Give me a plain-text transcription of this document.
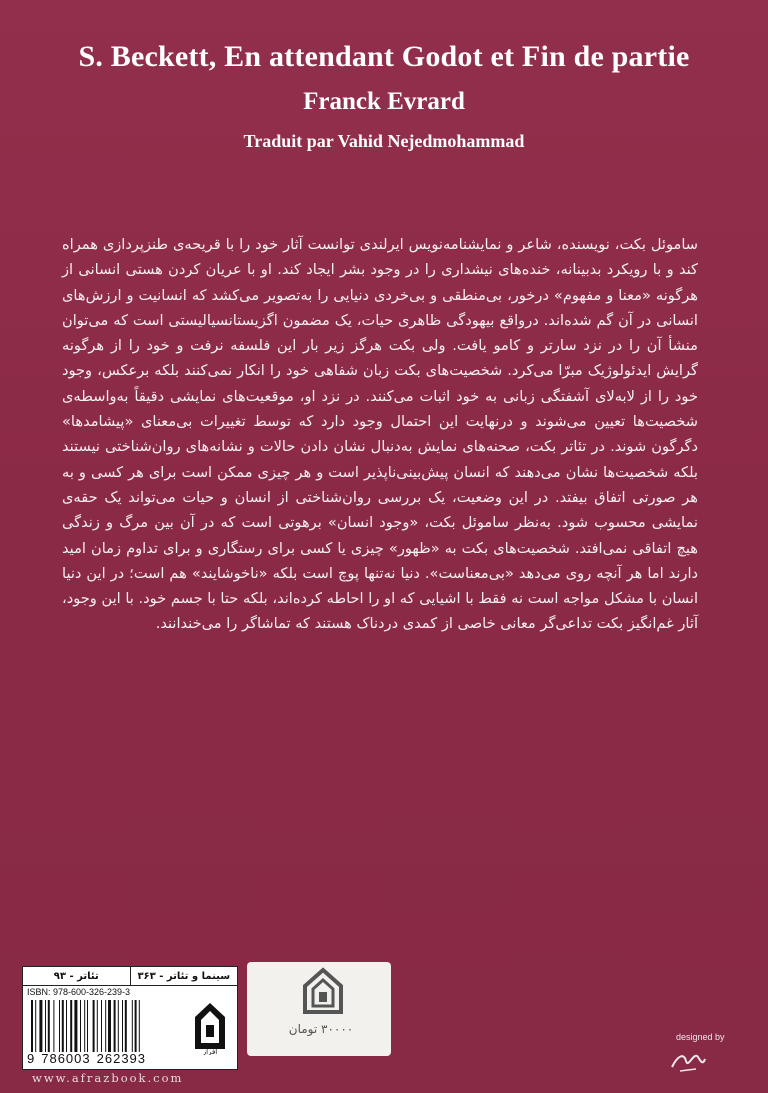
S. Beckett, En attendant Godot et Fin de partie
Franck Evrard
Traduit par Vahid Nejedmohammad
ساموئل بکت، نویسنده، شاعر و نمایشنامه‌نویس ایرلندی توانست آثار خود را با قریحه‌ی طنزپردازی همراه کند و با رویکرد بدبینانه، خنده‌های نیشداری را در وجود بشر ایجاد کند. او با عریان کردن هستی انسانی از هرگونه «معنا و مفهوم» درخور، بی‌منطقی و بی‌خردی دنیایی را به‌تصویر می‌کشد که انسانیت و ارزش‌های انسانی در آن گم شده‌اند. درواقع بیهودگی ظاهری حیات، یک مضمون اگزیستانسیالیستی است که می‌توان منشأ آن را در نزد سارتر و کامو یافت. ولی بکت هرگز زیر بار این فلسفه نرفت و خود را از هرگونه گرایش ایدئولوژیک مبرّا می‌کرد. شخصیت‌های بکت زبان شفاهی خود را انکار نمی‌کنند بلکه برعکس، وجود خود را از لابه‌لای آشفتگی زبانی به خود اثبات می‌کنند. در نزد او، موقعیت‌های نمایشی دقیقاً به‌واسطه‌ی شخصیت‌ها تعیین می‌شوند و درنهایت این احتمال وجود دارد که توسط تغییرات بی‌معنای «پیشامدها» دگرگون شوند. در تئاتر بکت، صحنه‌های نمایش به‌دنبال نشان دادن حالات و نشانه‌های روان‌شناختی نیستند بلکه شخصیت‌ها نشان می‌دهند که انسان پیش‌بینی‌ناپذیر است و هر چیزی ممکن است برای هر کسی و به هر صورتی اتفاق بیفتد. در این وضعیت، یک بررسی روان‌شناختی از انسان و حیات می‌تواند یک حقه‌ی نمایشی محسوب شود. به‌نظر ساموئل بکت، «وجود انسان» برهوتی است که در آن بین مرگ و زندگی هیچ اتفاقی نمی‌افتد. شخصیت‌های بکت به «ظهور» چیزی یا کسی برای رستگاری و برای تداوم زمان امید دارند اما هر آنچه روی می‌دهد «بی‌معناست». دنیا نه‌تنها پوچ است بلکه «ناخوشایند» هم است؛ در این دنیا انسان با مشکل مواجه است نه فقط با اشیایی که او را احاطه کرده‌اند، بلکه حتا با جسم خود. با این وجود، آثار غم‌انگیز بکت تداعی‌گر معانی خاصی از کمدی دردناک هستند که تماشاگر را می‌خندانند.
سینما و تئاتر - ۳۶۳
تئاتر - ۹۳
ISBN: 978-600-326-239-3
9 786003 262393	افراز
۳۰۰۰۰ تومان
www.afrazbook.com
designed by
